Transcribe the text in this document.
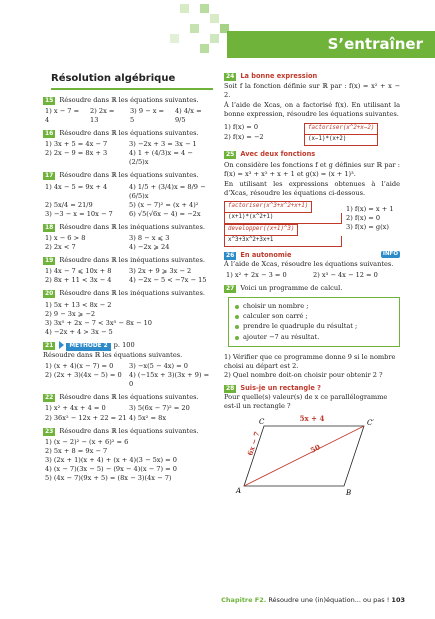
S’entraîner
Résolution algébrique
15 Résoudre dans ℝ les équations suivantes.
1) x − 7 = 4
2) 2x = 13
3) 9 − x = 5
4) 4/x = 9/5
16 Résoudre dans ℝ les équations suivantes.
1) 3x + 5 = 4x − 7	3) −2x + 3 = 3x − 1
2) 2x − 9 = 8x + 3	4) 1 + (4/3)x = 4 − (2/5)x
17 Résoudre dans ℝ les équations suivantes.
1) 4x − 5 = 9x + 4	4) 1/5 + (3/4)x = 8/9 − (6/5)x
2) 5x/4 = 21/9	5) (x − 7)² = (x + 4)²
3) −3 − x = 10x − 7	6) √5(√6x − 4) = −2x
18 Résoudre dans ℝ les inéquations suivantes.
1) x − 6 > 8	3) 8 − x ⩽ 3
2) 2x < 7	4) −2x ⩾ 24
19 Résoudre dans ℝ les inéquations suivantes.
1) 4x − 7 ⩽ 10x + 8	3) 2x + 9 ⩾ 3x − 2
2) 8x + 11 < 3x − 4	4) −2x − 5 < −7x − 15
20 Résoudre dans ℝ les inéquations suivantes.
1) 5x + 13 < 8x − 2
2) 9 − 3x ⩾ −2
3) 3x⁵ + 2x − 7 < 3x⁵ − 8x − 10
4) −2x + 4 > 3x − 5
21	MÉTHODE 2 p. 100
Résoudre dans ℝ les équations suivantes.
1) (x + 4)(x − 7) = 0	3) −x(5 − 4x) = 0
2) (2x + 3)(4x − 5) = 0	4) (−15x + 3)(3x + 9) = 0
22 Résoudre dans ℝ les équations suivantes.
1) x² + 4x + 4 = 0	3) 5(6x − 7)² = 20
2) 36x² − 12x + 22 = 21 4) 5x² = 8x
23 Résoudre dans ℝ les équations suivantes.
1) (x − 2)² − (x + 6)² = 6
2) 5x + 8 = 9x − 7
3) (2x + 1)(x + 4) + (x + 4)(3 − 5x) = 0
4) (x − 7)(3x − 5) − (9x − 4)(x − 7) = 0
5) (4x − 7)(9x + 5) = (8x − 3)(4x − 7)
24 La bonne expression
Soit f la fonction définie sur ℝ par : f(x) = x² + x − 2.
À l’aide de Xcas, on a factorisé f(x). En utilisant la bonne expression, résoudre les équations suivantes.
1) f(x) = 0
2) f(x) = −2
factoriser(x^2+x−2)
(x−1)*(x+2)
25 Avec deux fonctions
On considère les fonctions f et g définies sur ℝ par : f(x) = x³ + x² + x + 1 et g(x) = (x + 1)³.
En utilisant les expressions obtenues à l’aide d’Xcas, résoudre les équations ci-dessous.
factoriser(x^3+x^2+x+1)
(x+1)*(x^2+1)
developper((x+1)^3)
x^3+3x^2+3x+1
1) f(x) = x + 1
2) f(x) = 0
3) f(x) = g(x)
26 En autonomie	INFO
À l’aide de Xcas, résoudre les équations suivantes.
1) x² + 2x − 3 = 0	2) x³ − 4x − 12 = 0
27 Voici un programme de calcul.
choisir un nombre ;
calculer son carré ;
prendre le quadruple du résultat ;
ajouter −7 au résultat.
1) Vérifier que ce programme donne 9 si le nombre choisi au départ est 2.
2) Quel nombre doit-on choisir pour obtenir 2 ?
28 Suis-je un rectangle ?
Pour quelle(s) valeur(s) de x ce parallélogramme est-il un rectangle ?
5x + 4
6x − 7	50
C	C′
A	B
Chapitre F2. Résoudre une (in)équation... ou pas ! 103
